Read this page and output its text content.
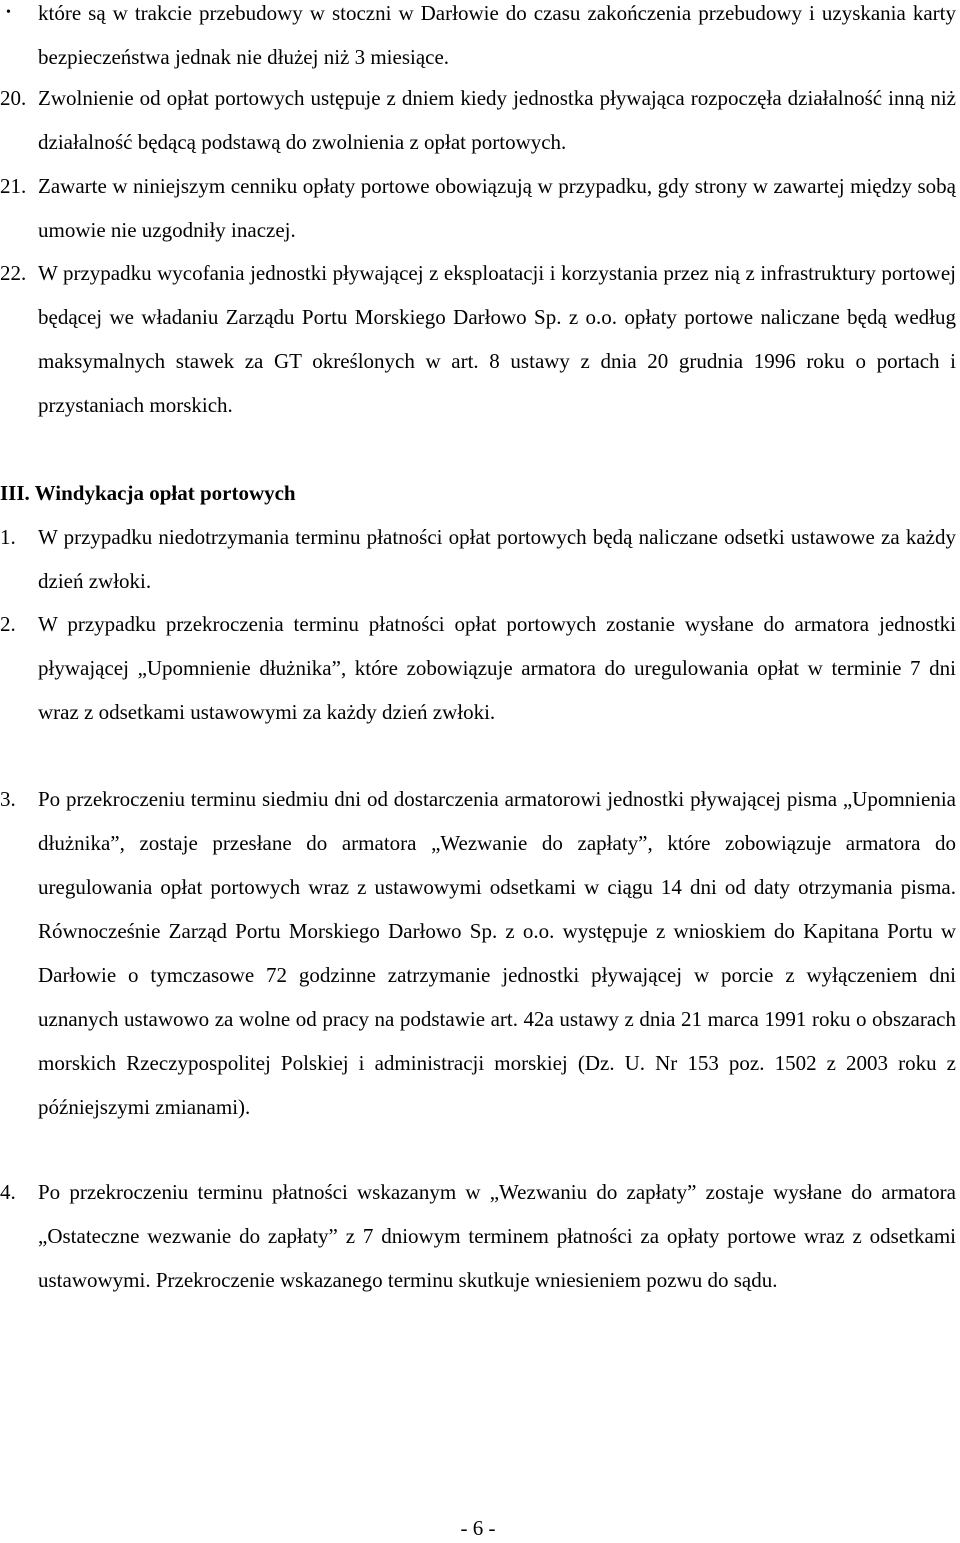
• które są w trakcie przebudowy w stoczni w Darłowie do czasu zakończenia przebudowy i uzyskania karty bezpieczeństwa jednak nie dłużej niż 3 miesiące.
20. Zwolnienie od opłat portowych ustępuje z dniem kiedy jednostka pływająca rozpoczęła działalność inną niż działalność będącą podstawą do zwolnienia z opłat portowych.
21. Zawarte w niniejszym cenniku opłaty portowe obowiązują w przypadku, gdy strony w zawartej między sobą umowie nie uzgodniły inaczej.
22. W przypadku wycofania jednostki pływającej z eksploatacji i korzystania przez nią z infrastruktury portowej będącej we władaniu Zarządu Portu Morskiego Darłowo Sp. z o.o. opłaty portowe naliczane będą według maksymalnych stawek za GT określonych w art. 8 ustawy z dnia 20 grudnia 1996 roku o portach i przystaniach morskich.
III. Windykacja opłat portowych
1. W przypadku niedotrzymania terminu płatności opłat portowych będą naliczane odsetki ustawowe za każdy dzień zwłoki.
2. W przypadku przekroczenia terminu płatności opłat portowych zostanie wysłane do armatora jednostki pływającej „Upomnienie dłużnika”, które zobowiązuje armatora do uregulowania opłat w terminie 7 dni wraz z odsetkami ustawowymi za każdy dzień zwłoki.
3. Po przekroczeniu terminu siedmiu dni od dostarczenia armatorowi jednostki pływającej pisma „Upomnienia dłużnika”, zostaje przesłane do armatora „Wezwanie do zapłaty”, które zobowiązuje armatora do uregulowania opłat portowych wraz z ustawowymi odsetkami w ciągu 14 dni od daty otrzymania pisma. Równocześnie Zarząd Portu Morskiego Darłowo Sp. z o.o. występuje z wnioskiem do Kapitana Portu w Darłowie o tymczasowe 72 godzinne zatrzymanie jednostki pływającej w porcie z wyłączeniem dni uznanych ustawowo za wolne od pracy na podstawie art. 42a ustawy z dnia 21 marca 1991 roku o obszarach morskich Rzeczypospolitej Polskiej i administracji morskiej (Dz. U. Nr 153 poz. 1502 z 2003 roku z późniejszymi zmianami).
4. Po przekroczeniu terminu płatności wskazanym w „Wezwaniu do zapłaty” zostaje wysłane do armatora „Ostateczne wezwanie do zapłaty” z 7 dniowym terminem płatności za opłaty portowe wraz z odsetkami ustawowymi. Przekroczenie wskazanego terminu skutkuje wniesieniem pozwu do sądu.
- 6 -
